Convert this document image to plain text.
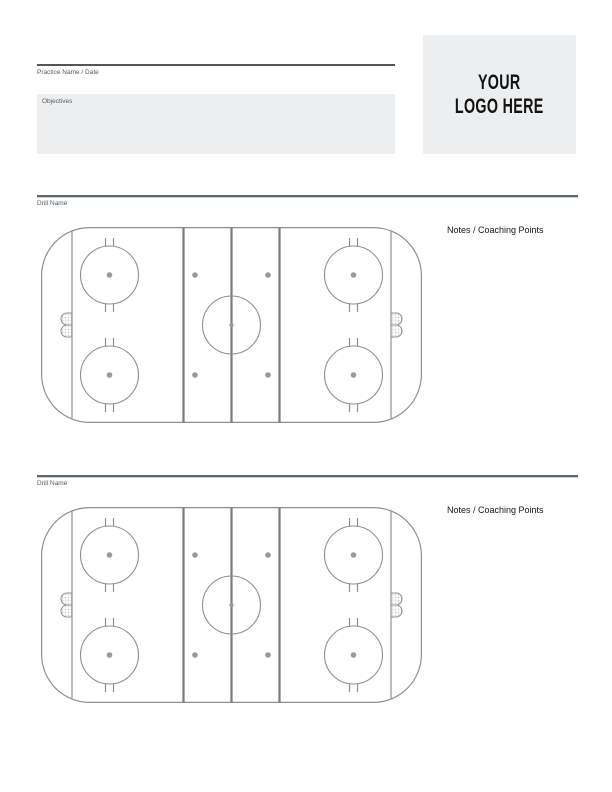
Practice Name / Date
Objectives
YOUR
LOGO HERE
Drill Name
Notes / Coaching Points
Drill Name
Notes / Coaching Points
